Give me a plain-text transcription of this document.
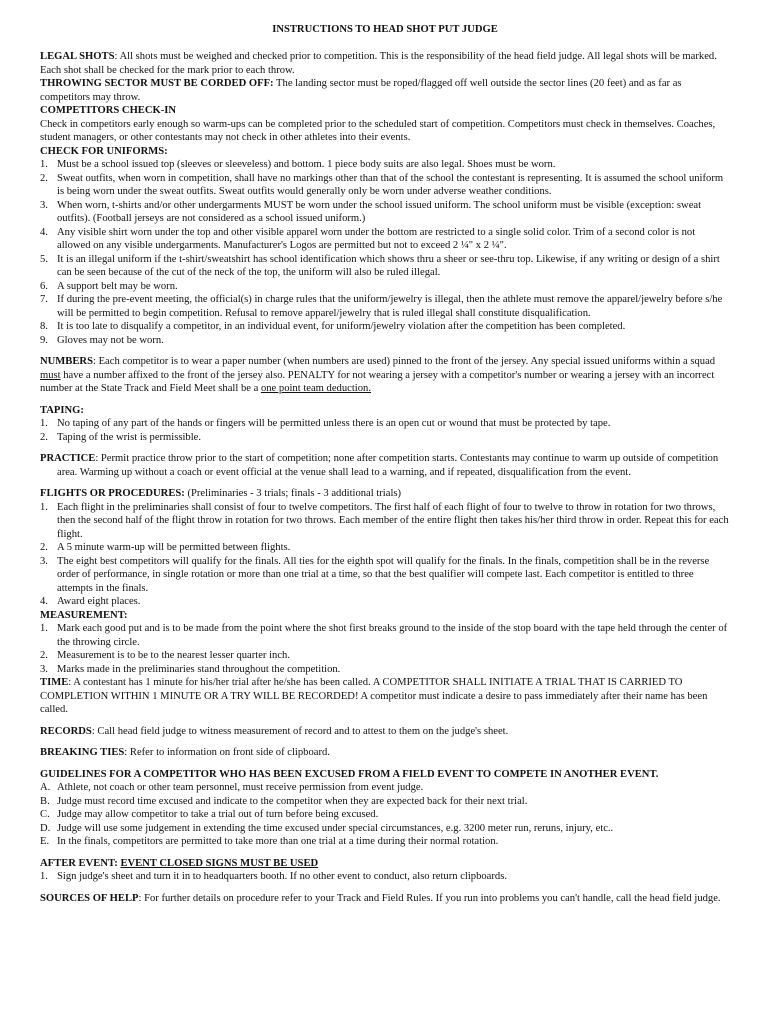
INSTRUCTIONS TO HEAD SHOT PUT JUDGE

LEGAL SHOTS: All shots must be weighed and checked prior to competition. This is the responsibility of the head field judge. All legal shots will be marked. Each shot shall be checked for the mark prior to each throw.

THROWING SECTOR MUST BE CORDED OFF: The landing sector must be roped/flagged off well outside the sector lines (20 feet) and as far as competitors may throw.

COMPETITORS CHECK-IN

Check in competitors early enough so warm-ups can be completed prior to the scheduled start of competition. Competitors must check in themselves. Coaches, student managers, or other contestants may not check in other athletes into their events.

CHECK FOR UNIFORMS:

1. Must be a school issued top (sleeves or sleeveless) and bottom. 1 piece body suits are also legal. Shoes must be worn.
2. Sweat outfits, when worn in competition, shall have no markings other than that of the school the contestant is representing. It is assumed the school uniform is being worn under the sweat outfits. Sweat outfits would generally only be worn under adverse weather conditions.
3. When worn, t-shirts and/or other undergarments MUST be worn under the school issued uniform. The school uniform must be visible (exception: sweat outfits). (Football jerseys are not considered as a school issued uniform.)
4. Any visible shirt worn under the top and other visible apparel worn under the bottom are restricted to a single solid color. Trim of a second color is not allowed on any visible undergarments. Manufacturer's Logos are permitted but not to exceed 2 ¼" x 2 ¼".
5. It is an illegal uniform if the t-shirt/sweatshirt has school identification which shows thru a sheer or see-thru top. Likewise, if any writing or design of a shirt can be seen because of the cut of the neck of the top, the uniform will also be ruled illegal.
6. A support belt may be worn.
7. If during the pre-event meeting, the official(s) in charge rules that the uniform/jewelry is illegal, then the athlete must remove the apparel/jewelry before s/he will be permitted to begin competition. Refusal to remove apparel/jewelry that is ruled illegal shall constitute disqualification.
8. It is too late to disqualify a competitor, in an individual event, for uniform/jewelry violation after the competition has been completed.
9. Gloves may not be worn.

NUMBERS: Each competitor is to wear a paper number (when numbers are used) pinned to the front of the jersey. Any special issued uniforms within a squad must have a number affixed to the front of the jersey also. PENALTY for not wearing a jersey with a competitor's number or wearing a jersey with an incorrect number at the State Track and Field Meet shall be a one point team deduction.

TAPING:

1. No taping of any part of the hands or fingers will be permitted unless there is an open cut or wound that must be protected by tape.
2. Taping of the wrist is permissible.

PRACTICE: Permit practice throw prior to the start of competition; none after competition starts. Contestants may continue to warm up outside of competition area. Warming up without a coach or event official at the venue shall lead to a warning, and if repeated, disqualification from the event.

FLIGHTS OR PROCEDURES: (Preliminaries - 3 trials; finals - 3 additional trials)

1. Each flight in the preliminaries shall consist of four to twelve competitors. The first half of each flight of four to twelve to throw in rotation for two throws, then the second half of the flight throw in rotation for two throws. Each member of the entire flight then takes his/her third throw in order. Repeat this for each flight.
2. A 5 minute warm-up will be permitted between flights.
3. The eight best competitors will qualify for the finals. All ties for the eighth spot will qualify for the finals. In the finals, competition shall be in the reverse order of performance, in single rotation or more than one trial at a time, so that the best qualifier will compete last. Each competitor is entitled to three attempts in the finals.
4. Award eight places.

MEASUREMENT:

1. Mark each good put and is to be made from the point where the shot first breaks ground to the inside of the stop board with the tape held through the center of the throwing circle.
2. Measurement is to be to the nearest lesser quarter inch.
3. Marks made in the preliminaries stand throughout the competition.

TIME: A contestant has 1 minute for his/her trial after he/she has been called. A COMPETITOR SHALL INITIATE A TRIAL THAT IS CARRIED TO COMPLETION WITHIN 1 MINUTE OR A TRY WILL BE RECORDED! A competitor must indicate a desire to pass immediately after their name has been called.

RECORDS: Call head field judge to witness measurement of record and to attest to them on the judge's sheet.

BREAKING TIES: Refer to information on front side of clipboard.

GUIDELINES FOR A COMPETITOR WHO HAS BEEN EXCUSED FROM A FIELD EVENT TO COMPETE IN ANOTHER EVENT.

A. Athlete, not coach or other team personnel, must receive permission from event judge.
B. Judge must record time excused and indicate to the competitor when they are expected back for their next trial.
C. Judge may allow competitor to take a trial out of turn before being excused.
D. Judge will use some judgement in extending the time excused under special circumstances, e.g. 3200 meter run, reruns, injury, etc..
E. In the finals, competitors are permitted to take more than one trial at a time during their normal rotation.

AFTER EVENT: EVENT CLOSED SIGNS MUST BE USED

1. Sign judge's sheet and turn it in to headquarters booth. If no other event to conduct, also return clipboards.

SOURCES OF HELP: For further details on procedure refer to your Track and Field Rules. If you run into problems you can't handle, call the head field judge.
